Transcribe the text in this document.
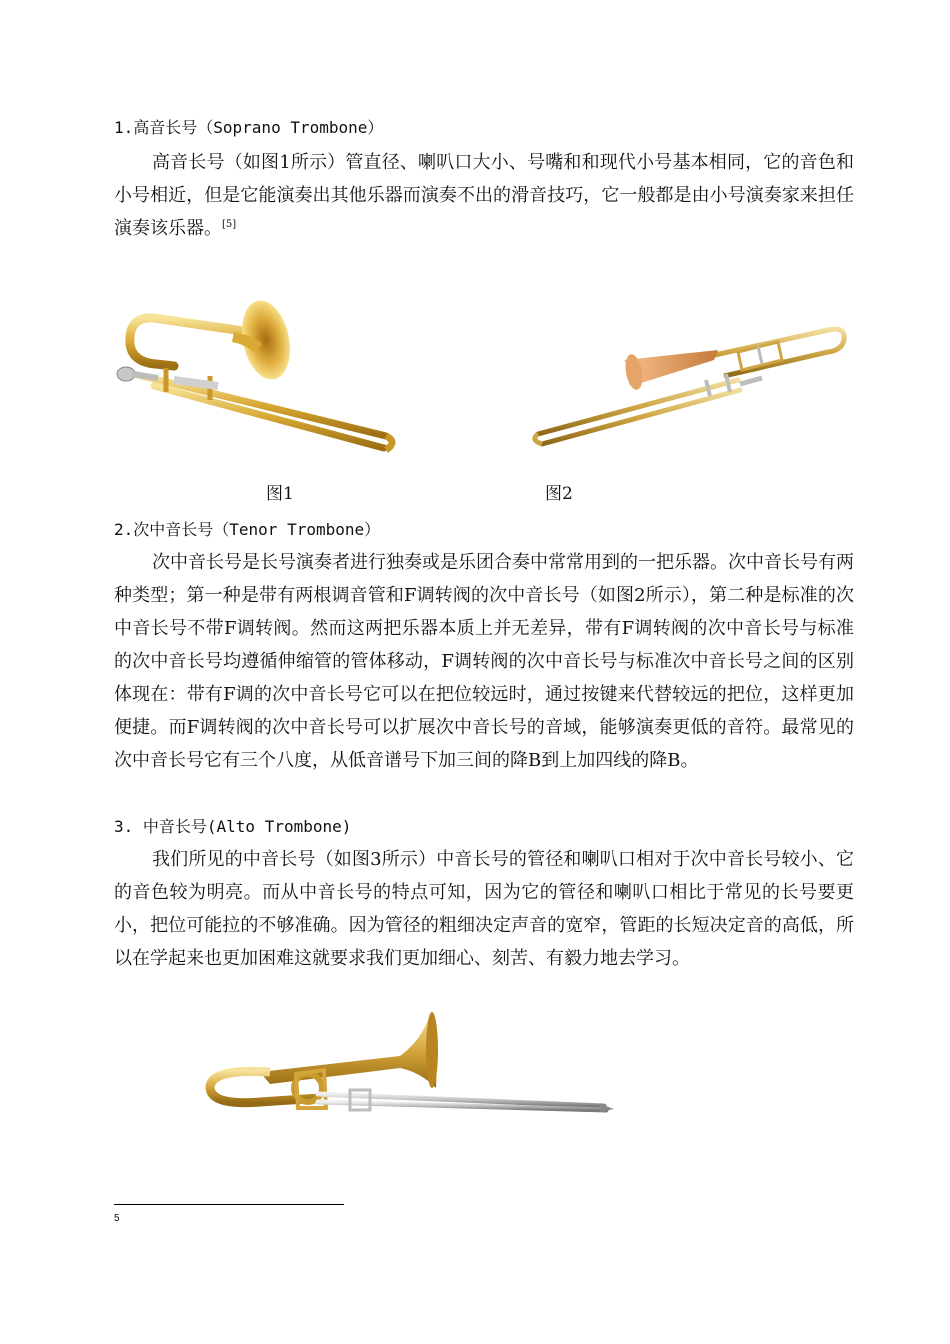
1.高音长号（Soprano Trombone）

高音长号（如图1所示）管直径、喇叭口大小、号嘴和和现代小号基本相同，它的音色和小号相近，但是它能演奏出其他乐器而演奏不出的滑音技巧，它一般都是由小号演奏家来担任演奏该乐器。[5]

图1	图2
2.次中音长号（Tenor Trombone）

次中音长号是长号演奏者进行独奏或是乐团合奏中常常用到的一把乐器。次中音长号有两种类型；第一种是带有两根调音管和F调转阀的次中音长号（如图2所示），第二种是标准的次中音长号不带F调转阀。然而这两把乐器本质上并无差异，带有F调转阀的次中音长号与标准的次中音长号均遵循伸缩管的管体移动，F调转阀的次中音长号与标准次中音长号之间的区别体现在：带有F调的次中音长号它可以在把位较远时，通过按键来代替较远的把位，这样更加便捷。而F调转阀的次中音长号可以扩展次中音长号的音域，能够演奏更低的音符。最常见的次中音长号它有三个八度，从低音谱号下加三间的降B到上加四线的降B。

3. 中音长号(Alto Trombone)

我们所见的中音长号（如图3所示）中音长号的管径和喇叭口相对于次中音长号较小、它的音色较为明亮。而从中音长号的特点可知，因为它的管径和喇叭口相比于常见的长号要更小，把位可能拉的不够准确。因为管径的粗细决定声音的宽窄，管距的长短决定音的高低，所以在学起来也更加困难这就要求我们更加细心、刻苦、有毅力地去学习。

5
